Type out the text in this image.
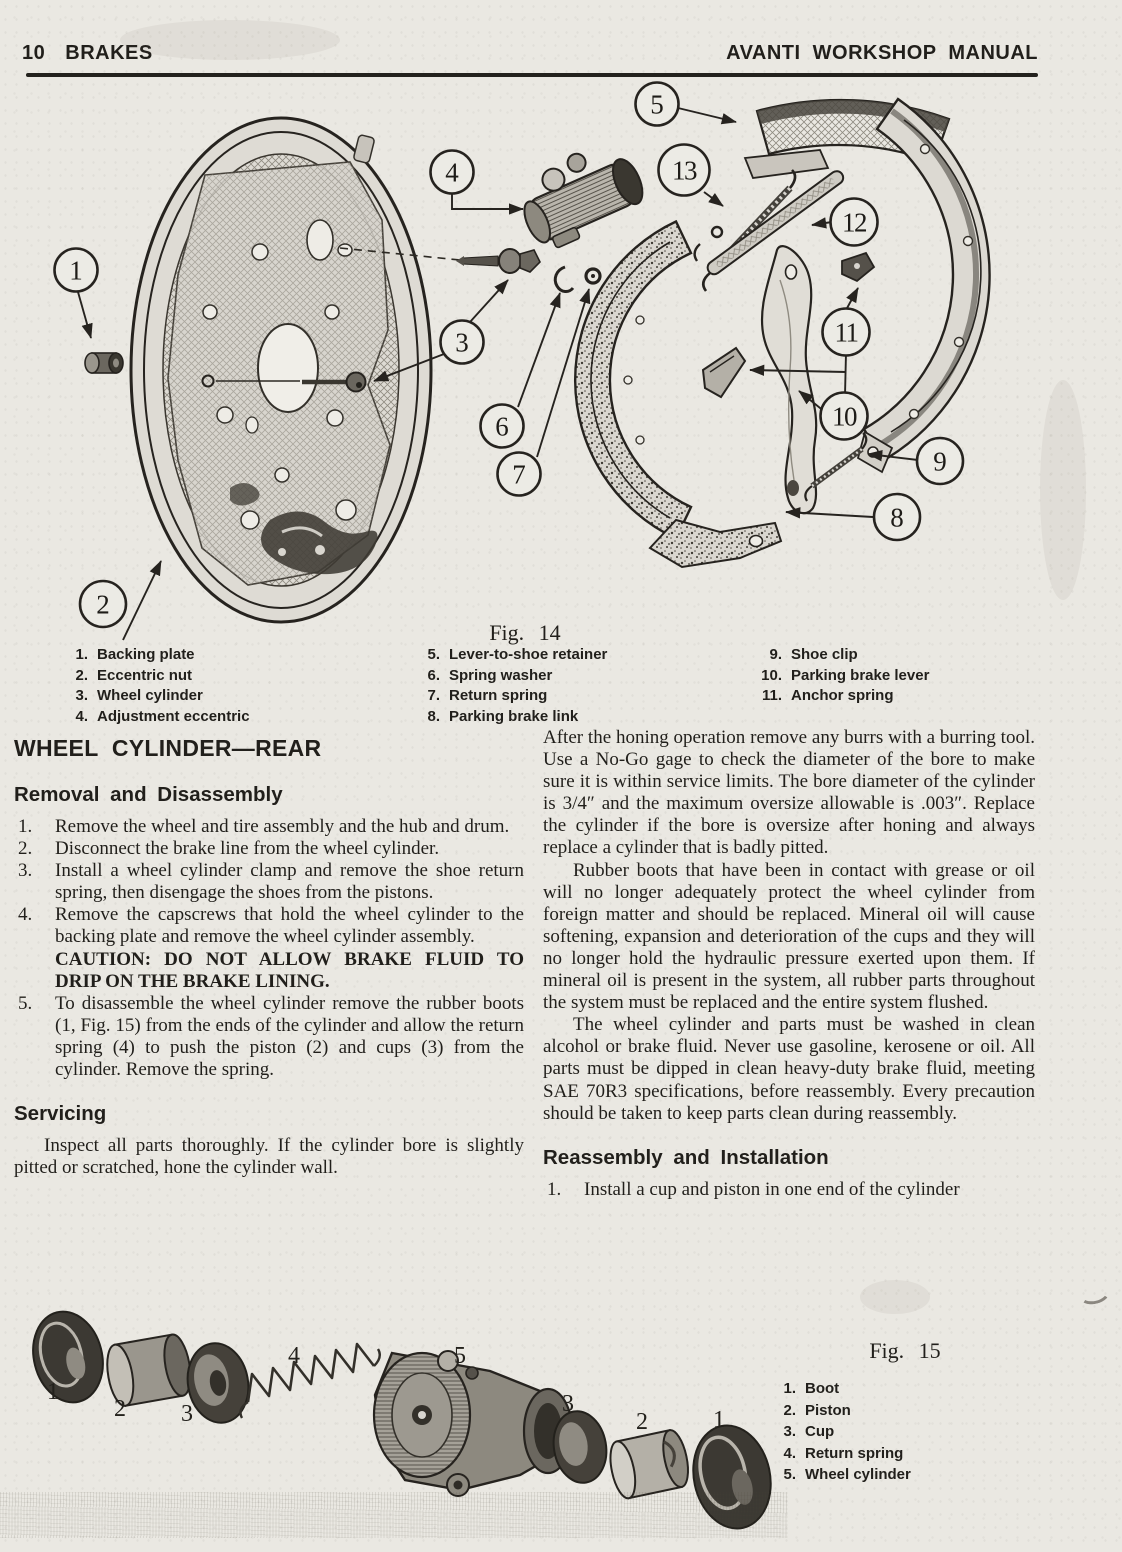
10 BRAKES	AVANTI WORKSHOP MANUAL
1
2
3
4
5
6
7
8
9
10
11
12
13
Fig. 14
1. Backing plate
2. Eccentric nut
3. Wheel cylinder
4. Adjustment eccentric
5. Lever-to-shoe retainer
6. Spring washer
7. Return spring
8. Parking brake link
9. Shoe clip
10. Parking brake lever
11. Anchor spring
WHEEL CYLINDER—REAR
Removal and Disassembly
1. Remove the wheel and tire assembly and the hub and drum.

2. Disconnect the brake line from the wheel cylinder.

3. Install a wheel cylinder clamp and remove the shoe return spring, then disengage the shoes from the pistons.

4. Remove the capscrews that hold the wheel cylinder to the backing plate and remove the wheel cylinder assembly.

CAUTION: DO NOT ALLOW BRAKE FLUID TO DRIP ON THE BRAKE LINING.
5. To disassemble the wheel cylinder remove the rubber boots (1, Fig. 15) from the ends of the cylinder and allow the return spring (4) to push the piston (2) and cups (3) from the cylinder. Remove the spring.

Servicing

Inspect all parts thoroughly. If the cylinder bore is slightly pitted or scratched, hone the cylinder wall.

After the honing operation remove any burrs with a burring tool. Use a No-Go gage to check the diameter of the bore to make sure it is within service limits. The bore diameter of the cylinder is 3/4″ and the maximum oversize allowable is .003″. Replace the cylinder if the bore is oversize after honing and always replace a cylinder that is badly pitted.

Rubber boots that have been in contact with grease or oil will no longer adequately protect the wheel cylinder from foreign matter and should be replaced. Mineral oil will cause softening, expansion and deterioration of the cups and they will no longer hold the hydraulic pressure exerted upon them. If mineral oil is present in the system, all rubber parts throughout the system must be replaced and the entire system flushed.

The wheel cylinder and parts must be washed in clean alcohol or brake fluid. Never use gasoline, kerosene or oil. All parts must be dipped in clean heavy-duty brake fluid, meeting SAE 70R3 specifications, before reassembly. Every precaution should be taken to keep parts clean during reassembly.

Reassembly and Installation
1. Install a cup and piston in one end of the cylinder

1
2 3
4	5
3
2	1
Fig. 15
1. Boot
2. Piston
3. Cup
4. Return spring
5. Wheel cylinder
